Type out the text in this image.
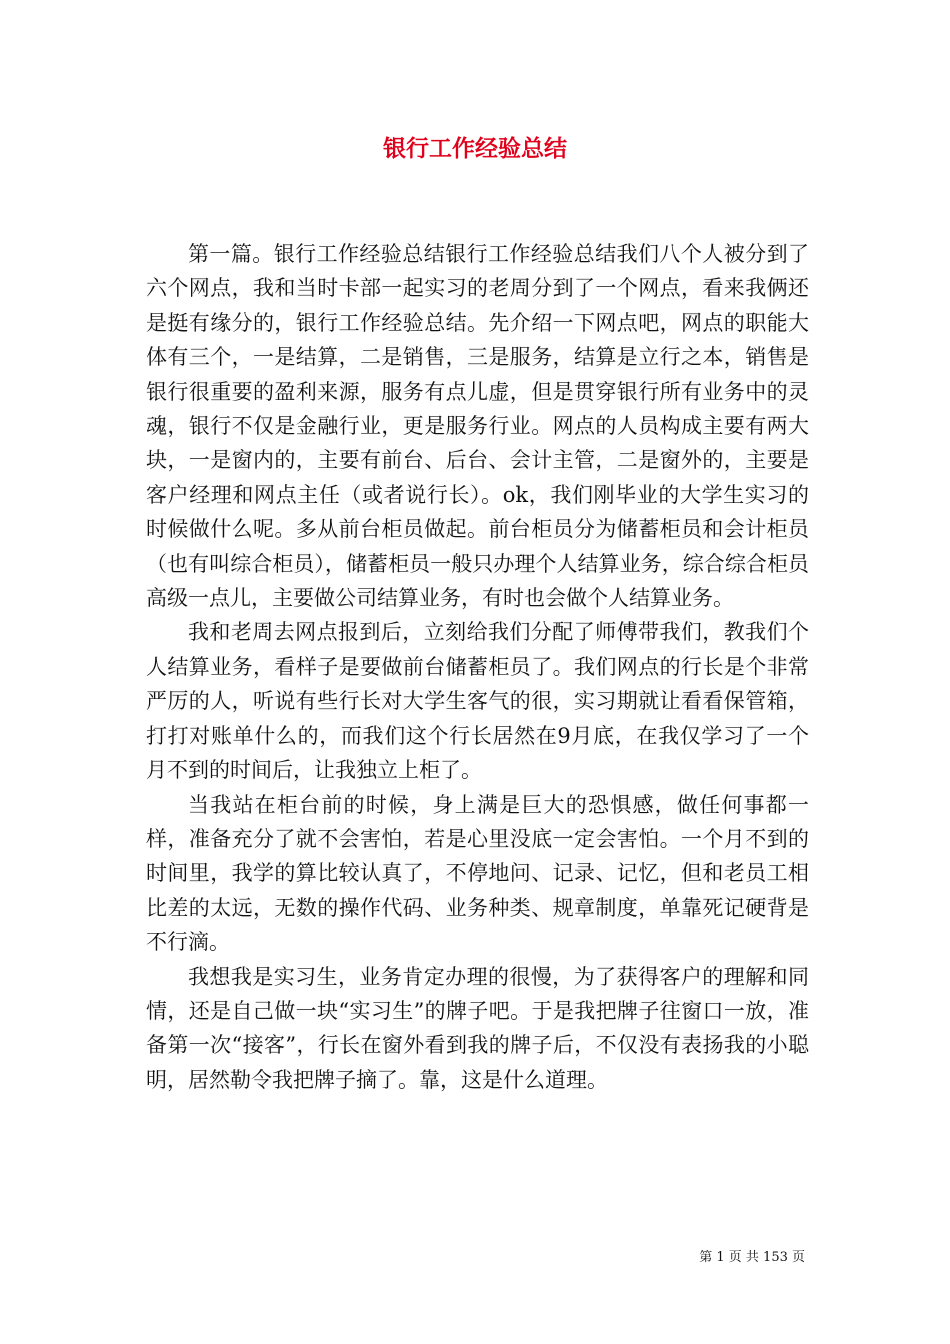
银行工作经验总结

第一篇。银行工作经验总结银行工作经验总结我们八个人被分到了六个网点，我和当时卡部一起实习的老周分到了一个网点，看来我俩还是挺有缘分的，银行工作经验总结。先介绍一下网点吧，网点的职能大体有三个，一是结算，二是销售，三是服务，结算是立行之本，销售是银行很重要的盈利来源，服务有点儿虚，但是贯穿银行所有业务中的灵魂，银行不仅是金融行业，更是服务行业。网点的人员构成主要有两大块，一是窗内的，主要有前台、后台、会计主管，二是窗外的，主要是客户经理和网点主任（或者说行长）。ok，我们刚毕业的大学生实习的时候做什么呢。多从前台柜员做起。前台柜员分为储蓄柜员和会计柜员（也有叫综合柜员），储蓄柜员一般只办理个人结算业务，综合综合柜员高级一点儿，主要做公司结算业务，有时也会做个人结算业务。

我和老周去网点报到后，立刻给我们分配了师傅带我们，教我们个人结算业务，看样子是要做前台储蓄柜员了。我们网点的行长是个非常严厉的人，听说有些行长对大学生客气的很，实习期就让看看保管箱，打打对账单什么的，而我们这个行长居然在9月底，在我仅学习了一个月不到的时间后，让我独立上柜了。

当我站在柜台前的时候，身上满是巨大的恐惧感，做任何事都一样，准备充分了就不会害怕，若是心里没底一定会害怕。一个月不到的时间里，我学的算比较认真了，不停地问、记录、记忆，但和老员工相比差的太远，无数的操作代码、业务种类、规章制度，单靠死记硬背是不行滴。

我想我是实习生，业务肯定办理的很慢，为了获得客户的理解和同情，还是自己做一块“实习生”的牌子吧。于是我把牌子往窗口一放，准备第一次“接客”，行长在窗外看到我的牌子后，不仅没有表扬我的小聪明，居然勒令我把牌子摘了。靠，这是什么道理。

第 1 页 共 153 页
